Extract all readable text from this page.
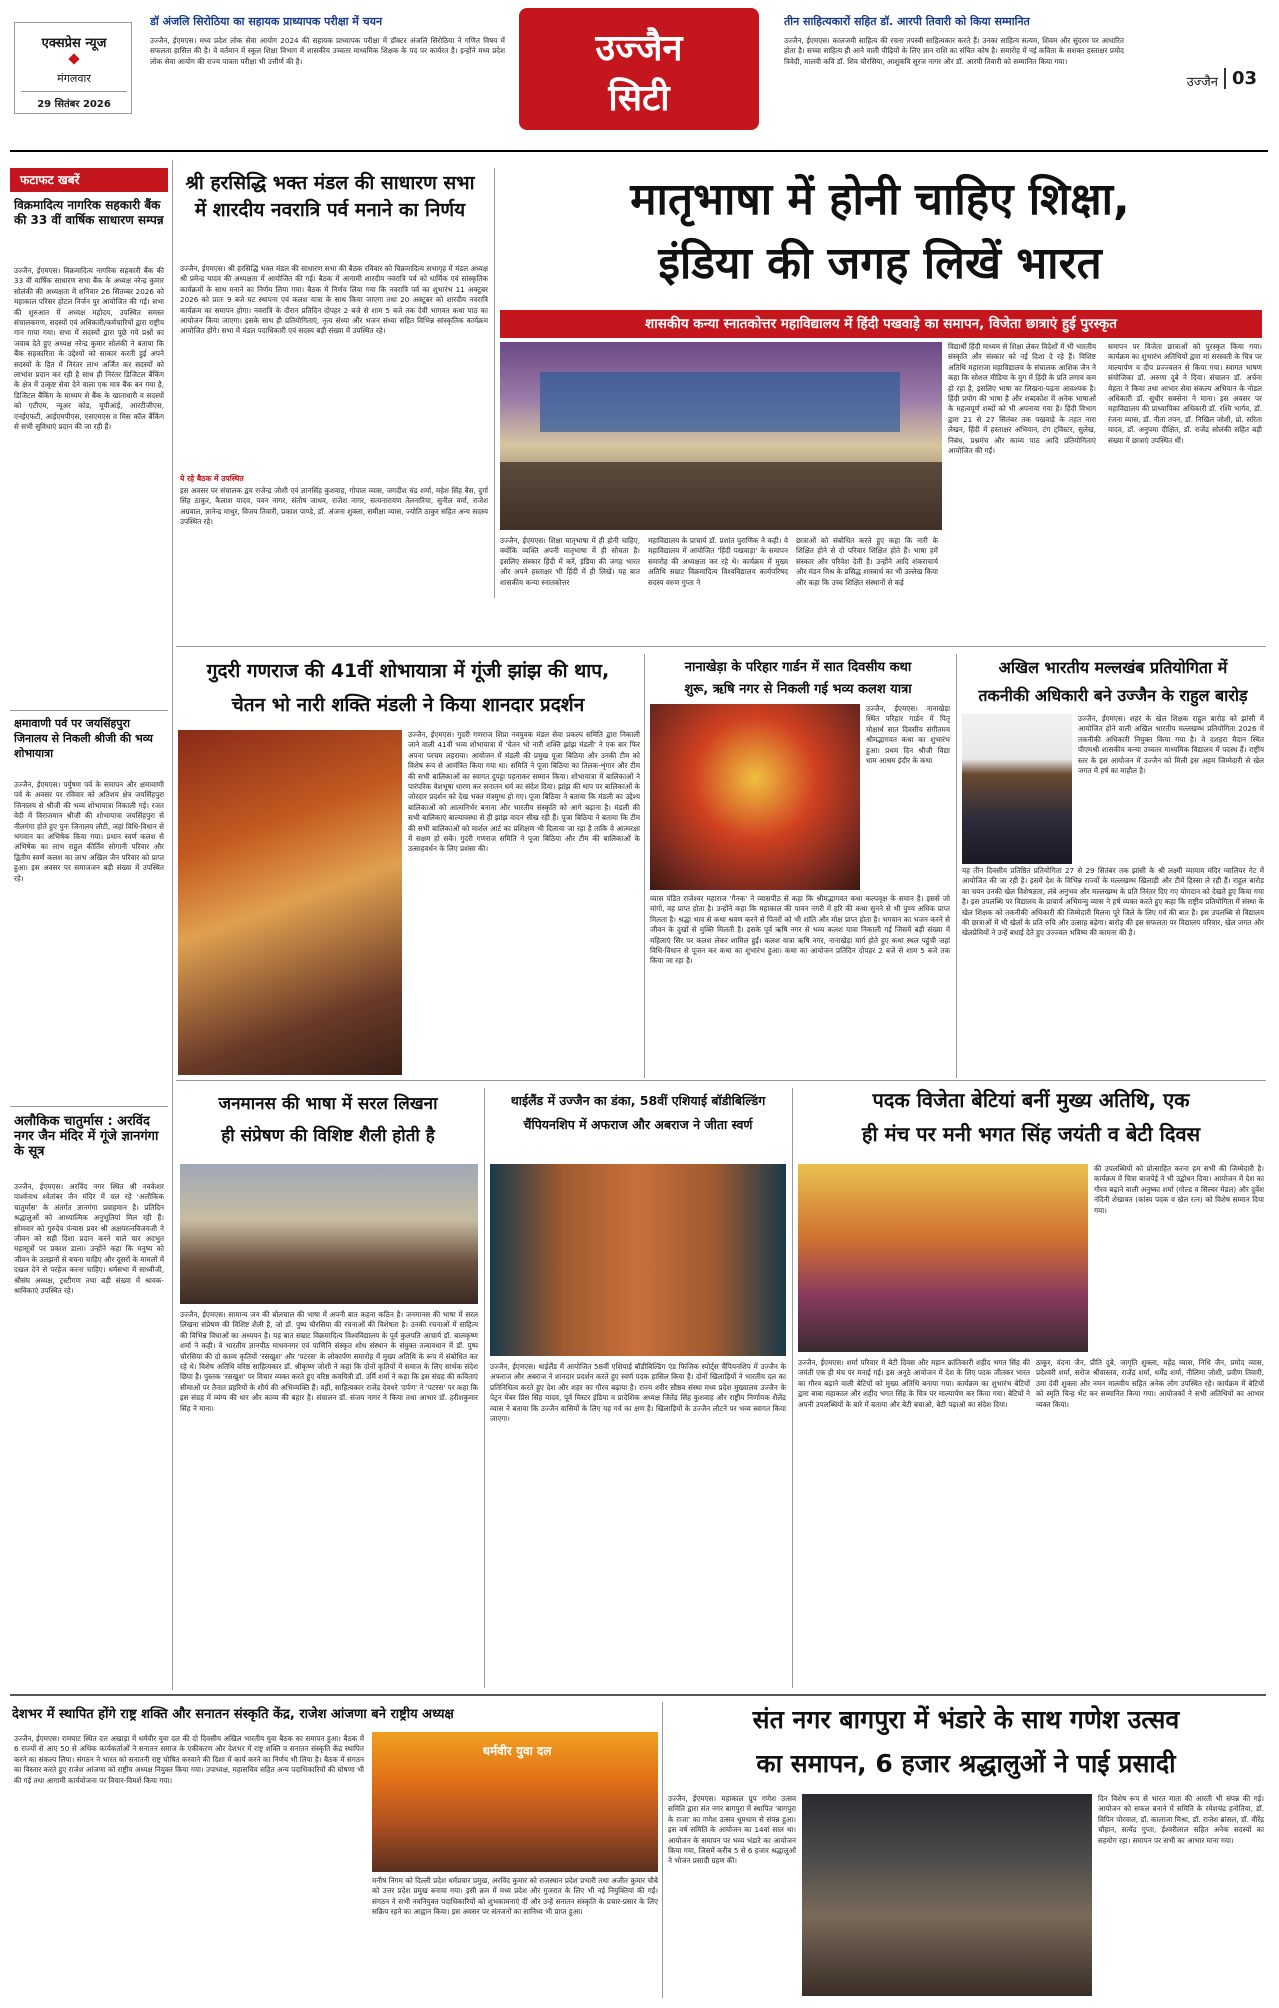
एक्सप्रेस न्यूज
मंगलवार
29 सितंबर 2026
डॉ अंजलि सिरोठिया का सहायक प्राध्यापक परीक्षा में चयन
उज्जैन, ईएमएस। मध्य प्रदेश लोक सेवा आयोग 2024 की सहायक प्राध्यापक परीक्षा में डॉक्टर अंजलि सिरोठिया ने गणित विषय में सफलता हासिल की है। वे वर्तमान में स्कूल शिक्षा विभाग में शासकीय उच्चतर माध्यमिक शिक्षक के पद पर कार्यरत है। इन्होंने मध्य प्रदेश लोक सेवा आयोग की राज्य पात्रता परीक्षा भी उत्तीर्ण की है।	उज्जैन
सिटी
तीन साहित्यकारों सहित डॉ. आरपी तिवारी को किया सम्मानित
उज्जैन, ईएमएस। कालजयी साहित्य की रचना तपस्वी साहित्यकार करते हैं। उनका साहित्य सत्यम, शिवम और सुंदरम पर आधारित होता है। सच्चा साहित्य ही आने वाली पीढ़ियों के लिए ज्ञान राशि का संचित कोष है। समारोह में नई कविता के सशक्त हस्ताक्षर प्रमोद त्रिवेदी, मालवी कवि डॉ. शिव चौरसिया, आशुकवि सूरज नागर और डॉ. आरपी तिवारी को सम्मानित किया गया।
उज्जैन 03
फटाफट खबरें
विक्रमादित्य नागरिक सहकारी बैंक की 33 वीं वार्षिक साधारण सम्पन्न
उज्जैन, ईएमएस। विक्रमादित्य नागरिक सहकारी बैंक की 33 वीं वार्षिक साधारण सभा बैंक के अध्यक्ष नरेन्द्र कुमार सोलंकी की अध्यक्षता में शनिवार 26 सितम्बर 2026 को महाकाल परिसर होटल निर्जन पुर आयोजित की गई। सभा की शुरुआत में अध्यक्ष महोदय, उपस्थित समस्त संचालकगण, सदस्यों एवं अधिकारी/कर्मचारियों द्वारा राष्ट्रीय गान गाया गया। सभा में सदस्यों द्वारा पूछे गये प्रश्नों का जवाब देते हुए अध्यक्ष नरेन्द्र कुमार सोलंकी ने बताया कि बैंक सहकारिता के उद्देश्यों को साकार करती हुई अपने सदस्यों के हित में निरंतर लाभ अर्जित कर सदस्यों को लाभांश प्रदान कर रही है साथ ही निरंतर डिजिटल बैंकिंग के क्षेत्र में उत्कृष्ट सेवा देने वाला एक मात्र बैंक बन गया है, डिजिटल बैंकिंग के माध्यम से बैंक के खाताधारी व सदस्यों को एटीएम, न्यूअर कोड, यूपीआई, आरटीजीएस, एनईएफटी, आईएमपीएस, एसएमएस व मिस कॉल बैंकिंग से सभी सुविधाएं प्रदान की जा रही हैं।
क्षमावाणी पर्व पर जयसिंहपुरा जिनालय से निकली श्रीजी की भव्य शोभायात्रा
उज्जैन, ईएमएस। पर्युषण पर्व के समापन और क्षमावाणी पर्व के अवसर पर रविवार को अतिशय क्षेत्र जयसिंहपुरा जिनालय से श्रीजी की भव्य शोभायात्रा निकाली गई। रजत वेदी में विराजमान श्रीजी की शोभायात्रा जयसिंहपुरा से नीलगंगा होते हुए पुनः जिनालय लौटी, जहां विधि-विधान से भगवान का अभिषेक किया गया। प्रधान स्वर्ण कलश से अभिषेक का लाभ राहुल कीर्तिव सोगानी परिवार और द्वितीय स्वर्ण कलश का लाभ अखिल जैन परिवार को प्राप्त हुआ। इस अवसर पर समाजजन बड़ी संख्या में उपस्थित रहे।
अलौकिक चातुर्मास : अरविंद नगर जैन मंदिर में गूंजे ज्ञानगंगा के सूत्र
उज्जैन, ईएमएस। अरविंद नगर स्थित श्री नवकेशर पार्श्वनाथ श्वेतांबर जैन मंदिर में चल रहे 'अलौकिक चातुर्मास' के अंतर्गत ज्ञानगंगा प्रवाहमान है। प्रतिदिन श्रद्धालुओं को आध्यात्मिक अनुभूतियां मिल रही हैं। सोमवार को गुरुदेव पंन्यास प्रवर श्री अक्षयरत्नविजयजी ने जीवन को सही दिशा प्रदान करने वाले चार अदभुत महासूत्रों पर प्रकाश डाला। उन्होंने कहा कि मनुष्य को जीवन के उलझनों से बचना चाहिए और दूसरों के मामलों में दखल देने से परहेज करना चाहिए। धर्मसभा में साध्वीजी, श्रीसंघ अध्यक्ष, ट्रस्टीगण तथा बड़ी संख्या में श्रावक-श्राविकाएं उपस्थित रहे।
श्री हरसिद्धि भक्त मंडल की साधारण सभा में शारदीय नवरात्रि पर्व मनाने का निर्णय
उज्जैन, ईएमएस। श्री हरसिद्धि भक्त मंडल की साधारण सभा की बैठक रविवार को विक्रमादित्य सभागृह में मंडल अध्यक्ष श्री प्रमेन्द्र यादव की अध्यक्षता में आयोजित की गई। बैठक में आगामी शारदीय नवरात्रि पर्व को धार्मिक एवं सांस्कृतिक कार्यक्रमों के साथ मनाने का निर्णय लिया गया। बैठक में निर्णय लिया गया कि नवरात्रि पर्व का शुभारंभ 11 अक्टूबर 2026 को प्रातः 9 बजे घट स्थापना एवं कलश यात्रा के साथ किया जाएगा तथा 20 अक्टूबर को शारदीय नवरात्रि कार्यक्रम का समापन होगा। नवरात्रि के दौरान प्रतिदिन दोपहर 2 बजे से शाम 5 बजे तक देवी भागवत कथा पाठ का आयोजन किया जाएगा। इसके साथ ही प्रतियोगिताएं, नृत्य संध्या और भजन संध्या सहित विभिन्न सांस्कृतिक कार्यक्रम आयोजित होंगे। सभा में मंडल पदाधिकारी एवं सदस्य बड़ी संख्या में उपस्थित रहे।
ये रहे बैठक में उपस्थित
इस अवसर पर संचालक द्वय राजेन्द्र जोशी एवं ज्ञानसिंह कुशवाह, गोपाल व्यास, जगदीश चंद्र शर्मा, महेश सिंह बैस, दुर्गा सिंह ठाकुर, कैलाश यादव, पवन नागर, संतोष जाधव, राजेश नागर, सत्यनारायण तेलनारिया, सुनील वर्मा, राजेश अग्रवाल, ज्ञानेन्द्र माथुर, विजय तिवारी, प्रकाश पाण्डे, डॉ. अंजना शुक्ला, समीक्षा व्यास, ज्योति ठाकुर सहित अन्य सदस्य उपस्थित रहे।
मातृभाषा में होनी चाहिए शिक्षा,
इंडिया की जगह लिखें भारत
शासकीय कन्या स्नातकोत्तर महाविद्यालय में हिंदी पखवाड़े का समापन, विजेता छात्राएं हुई पुरस्कृत
विद्यार्थी हिंदी माध्यम से शिक्षा लेकर विदेशों में भी भारतीय संस्कृति और संस्कार को नई दिशा दे रहे हैं। विशिष्ट अतिथि महाराजा महाविद्यालय के संचालक आशिक जैन ने कहा कि सोशल मीडिया के युग में हिंदी के प्रति लगाव कम हो रहा है, इसलिए भाषा का लिखना-पढ़ना आवश्यक है। हिंदी प्रयोग की भाषा है और शब्दकोश में अनेक भाषाओं के महत्वपूर्ण शब्दों को भी अपनाया गया है। हिंदी विभाग द्वारा 21 से 27 सितंबर तक पखवाड़े के तहत नारा लेखन, हिंदी में हस्ताक्षर अभियान, टंग ट्विस्टर, सुलेख, निबंध, प्रश्नमंच और काव्य पाठ आदि प्रतियोगिताएं आयोजित की गईं।
समापन पर विजेता छात्राओं को पुरस्कृत किया गया। कार्यक्रम का शुभारंभ अतिथियों द्वारा मां सरस्वती के चित्र पर माल्यार्पण व दीप प्रज्ज्वलन से किया गया। स्वागत भाषण संयोजिका डॉ. अरुणा दुबे ने दिया। संचालन डॉ. अर्चना मेहता ने किया तथा आभार सेवा संकल्प अभियान के नोडल अधिकारी डॉ. सुधीर सक्सेना ने माना। इस अवसर पर महाविद्यालय की प्राध्यापिका अधिकारी डॉ. रश्मि भार्गव, डॉ. रंजना व्यास, डॉ. नीता तपन, डॉ. निखिल जोशी, प्रो. सरिता यादव, डॉ. अनुपमा दीक्षित, डॉ. राजेंद्र सोलंकी सहित बड़ी संख्या में छात्राएं उपस्थित थीं।
उज्जैन, ईएमएस। शिक्षा मातृभाषा में ही होनी चाहिए, क्योंकि व्यक्ति अपनी मातृभाषा में ही सोचता है। इसलिए संस्कार हिंदी में करें, इंडिया की जगह भारत और अपने हस्ताक्षर भी हिंदी में ही लिखें। यह बात शासकीय कन्या स्नातकोत्तर
महाविद्यालय के प्राचार्य डॉ. प्रशांत पुराणिक ने कही। वे महाविद्यालय में आयोजित 'हिंदी पखवाड़ा' के समापन समारोह की अध्यक्षता कर रहे थे। कार्यक्रम में मुख्य अतिथि सम्राट विक्रमादित्य विश्वविद्यालय कार्यपरिषद सदस्य वरुण गुप्ता ने
छात्राओं को संबोधित करते हुए कहा कि नारी के शिक्षित होने से दो परिवार शिक्षित होते हैं। भाषा हमें संस्कार और परिवेश देती है। उन्होंने आदि शंकराचार्य और मंडन मिश्र के प्रसिद्ध शास्त्रार्थ का भी उल्लेख किया और कहा कि उच्च शिक्षित संस्थानों से कई
गुदरी गणराज की 41वीं शोभायात्रा में गूंजी झांझ की थाप,
चेतन भो नारी शक्ति मंडली ने किया शानदार प्रदर्शन
उज्जैन, ईएमएस। गुदरी गणराज शिप्रा नवयुवक मंडल सेवा प्रकल्प समिति द्वारा निकाली जाने वाली 41वीं भव्य शोभायात्रा में 'चेतन भो नारी शक्ति झांझ मंडली' ने एक बार फिर अपना परचम लहराया। आयोजन में मंडली की प्रमुख पूजा बिठिया और उनकी टीम को विशेष रूप से आमंत्रित किया गया था। समिति ने पूजा बिठिया का तिलक-शृंगार और टीम की सभी बालिकाओं का स्वागत दुपट्टा पहनाकर सम्मान किया। शोभायात्रा में बालिकाओं ने पारंपरिक वेशभूषा धारण कर सनातन धर्म का संदेश दिया। झांझ की थाप पर बालिकाओं के जोरदार प्रदर्शन को देख भक्त मंत्रमुग्ध हो गए। पूजा बिठिया ने बताया कि मंडली का उद्देश्य बालिकाओं को आत्मनिर्भर बनाना और भारतीय संस्कृति को आगे बढ़ाना है। मंडली की सभी बालिकाएं बाल्यावस्था से ही झांझ वादन सीख रही हैं। पूजा बिठिया ने बताया कि टीम की सभी बालिकाओं को मार्शल आर्ट का प्रशिक्षण भी दिलाया जा रहा है ताकि वे आत्मरक्षा में सक्षम हो सकें। गुदरी गणराज समिति ने पूजा बिठिया और टीम की बालिकाओं के उत्साहवर्धन के लिए प्रशंसा की।
नानाखेड़ा के परिहार गार्डन में सात दिवसीय कथा
शुरू, ऋषि नगर से निकली गई भव्य कलश यात्रा
उज्जैन, ईएमएस। नानाखेड़ा स्थित परिहार गार्डन में पितृ मोक्षार्थ सात दिवसीय संगीतमय श्रीमद्भागवत कथा का शुभारंभ हुआ। प्रथम दिन श्रीजी विद्या धाम आश्रम इंदौर के कथा
व्यास पंडित राजेश्वर महाराज 'गैनक' ने व्यासपीठ से कहा कि श्रीमद्भागवत कथा कल्पवृक्ष के समान है। इससे जो मांगो, वह प्राप्त होता है। उन्होंने कहा कि महाकाल की पावन नगरी में हरि की कथा सुनने से भी पुण्य अधिक प्राप्त मिलता है। श्रद्धा भाव से कथा श्रवण करने से पितरों को भी शांति और मोक्ष प्राप्त होता है। भगवान का भजन करने से जीवन के दुखों से मुक्ति मिलती है। इसके पूर्व ऋषि नगर से भव्य कलश यात्रा निकाली गई जिसमें बड़ी संख्या में महिलाएं सिर पर कलश लेकर शामिल हुईं। कलश यात्रा ऋषि नगर, नानाखेड़ा मार्ग होते हुए कथा स्थल पहुंची जहां विधि-विधान से पूजन कर कथा का शुभारंभ हुआ। कथा का आयोजन प्रतिदिन दोपहर 2 बजे से शाम 5 बजे तक किया जा रहा है।
अखिल भारतीय मल्लखंब प्रतियोगिता में
तकनीकी अधिकारी बने उज्जैन के राहुल बारोड़
उज्जैन, ईएमएस। शहर के खेल शिक्षक राहुल बारोड़ को झांसी में आयोजित होने वाली अखिल भारतीय मल्लखम्भ प्रतियोगिता 2026 में तकनीकी अधिकारी नियुक्त किया गया है। वे दशहरा मैदान स्थित पीएमश्री शासकीय कन्या उच्चतर माध्यमिक विद्यालय में पदस्थ हैं। राष्ट्रीय स्तर के इस आयोजन में उज्जैन को मिली इस अहम जिम्मेदारी से खेल जगत में हर्ष का माहौल है।
यह तीन दिवसीय प्रतिष्ठित प्रतियोगिता 27 से 29 सितंबर तक झांसी के श्री लक्ष्मी व्यायाम मंदिर ग्वालियर गेट में आयोजित की जा रही है। इसमें देश के विभिन्न राज्यों के मल्लखम्भ खिलाड़ी और टीमें हिस्सा ले रही हैं। राहुल बारोड़ का चयन उनकी खेल विशेषज्ञता, लंबे अनुभव और मल्लखम्भ के प्रति निरंतर दिए गए योगदान को देखते हुए किया गया है। इस उपलब्धि पर विद्यालय के प्राचार्य अभिमन्यु व्यास ने हर्ष व्यक्त करते हुए कहा कि राष्ट्रीय प्रतियोगिता में संस्था के खेल शिक्षक को तकनीकी अधिकारी की जिम्मेदारी मिलना पूरे जिले के लिए गर्व की बात है। इस उपलब्धि से विद्यालय की छात्राओं में भी खेलों के प्रति रुचि और उत्साह बढ़ेगा। बारोड़ की इस सफलता पर विद्यालय परिवार, खेल जगत और खेलप्रेमियों ने उन्हें बधाई देते हुए उज्ज्वल भविष्य की कामना की है।
जनमानस की भाषा में सरल लिखना
ही संप्रेषण की विशिष्ट शैली होती है
उज्जैन, ईएमएस। सामान्य जन की बोलचाल की भाषा में अपनी बात कहना कठिन है। जनमानस की भाषा में सरल लिखना संप्रेषण की विशिष्ट शैली है, जो डॉ. पुष्प चौरसिया की रचनाओं की विशेषता है। उनकी रचनाओं में साहित्य की विभिन्न विधाओं का अध्ययन है। यह बात सम्राट विक्रमादित्य विश्वविद्यालय के पूर्व कुलपति आचार्य डॉ. बालकृष्ण शर्मा ने कही। वे भारतीय ज्ञानपीठ माधवनगर एवं पाणिनि संस्कृत शोध संस्थान के संयुक्त तत्वावधान में डॉ. पुष्प चौरसिया की दो काव्य कृतियों 'रसखुश' और 'पटरस' के लोकार्पण समारोह में मुख्य अतिथि के रूप में संबोधित कर रहे थे। विशेष अतिथि वरिष्ठ साहित्यकार डॉ. श्रीकृष्ण जोशी ने कहा कि दोनों कृतियों में समाज के लिए सार्थक संदेश छिपा है। पुस्तक 'रसखुश' पर विचार व्यक्त करते हुए वरिष्ठ कवयित्री डॉ. उर्मि शर्मा ने कहा कि इस संग्रह की कविताएं सीमाओं पर तैनात प्रहरियों के शौर्य की अभिव्यक्ति हैं। वहीं, साहित्यकार राजेंद्र देवधरे 'दर्पण' ने 'पटरस' पर कहा कि इस संग्रह में व्यंग्य की धार और काव्य की बहार है। संचालन डॉ. संजय नागर ने किया तथा आभार डॉ. हरीशकुमार सिंह ने माना।
थाईलैंड में उज्जैन का डंका, 58वीं एशियाई बॉडीबिल्डिंग
चैंपियनशिप में अफराज और अबराज ने जीता स्वर्ण
उज्जैन, ईएमएस। थाईलैंड में आयोजित 58वीं एशियाई बॉडीबिल्डिंग एंड फिजिक स्पोर्ट्स चैंपियनशिप में उज्जैन के अफराज और अबराज ने शानदार प्रदर्शन करते हुए स्वर्ण पदक हासिल किया है। दोनों खिलाड़ियों ने भारतीय दल का प्रतिनिधित्व करते हुए देश और शहर का गौरव बढ़ाया है। राज्य शरीर सौष्ठव संस्था मध्य प्रदेश मुख्यालय उज्जैन के पेट्रन मेंबर प्रिंस सिंह यादव, पूर्व मिस्टर इंडिया व प्रादेशिक अध्यक्ष जितेंद्र सिंह कुशवाह और राष्ट्रीय निर्णायक शैलेंद्र व्यास ने बताया कि उज्जैन वासियों के लिए यह गर्व का क्षण है। खिलाड़ियों के उज्जैन लौटने पर भव्य स्वागत किया जाएगा।
पदक विजेता बेटियां बनीं मुख्य अतिथि, एक
ही मंच पर मनी भगत सिंह जयंती व बेटी दिवस
की उपलब्धियों को प्रोत्साहित करना हम सभी की जिम्मेदारी है। कार्यक्रम में चित्रा बाजपेई ने भी उद्बोधन दिया। आयोजन में देश का गौरव बढ़ाने वाली अनुष्का शर्मा (गोल्ड व सिल्वर मेडल) और दुर्वेश नंदिनी शेखावत (कांस्य पदक व खेल रत्न) को विशेष सम्मान दिया गया।
उज्जैन, ईएमएस। शर्मा परिवार में बेटी दिवस और महान क्रांतिकारी शहीद भगत सिंह की जयंती एक ही मंच पर मनाई गई। इस अनूठे आयोजन में देश के लिए पदक जीतकर भारत का गौरव बढ़ाने वाली बेटियों को मुख्य अतिथि बनाया गया। कार्यक्रम का शुभारंभ बेटियों द्वारा बाबा महाकाल और शहीद भगत सिंह के चित्र पर माल्यार्पण कर किया गया। बेटियों ने अपनी उपलब्धियों के बारे में बताया और बेटी बचाओ, बेटी पढ़ाओ का संदेश दिया।
ठाकुर, वंदना जैन, प्रीति दुबे, जागृति शुक्ला, महेंद्र व्यास, निधि जैन, प्रमोद व्यास, प्रदेश्वरी शर्मा, सरोज श्रीवास्तव, राजेंद्र शर्मा, धर्मेंद्र शर्मा, नीलिमा जोशी, प्रवीण तिवारी, उमा देवी शुक्ला और नमन मालवीय सहित अनेक लोग उपस्थित रहे। कार्यक्रम में बेटियों को स्मृति चिन्ह भेंट कर सम्मानित किया गया। आयोजकों ने सभी अतिथियों का आभार व्यक्त किया।
देशभर में स्थापित होंगे राष्ट्र शक्ति और सनातन संस्कृति केंद्र, राजेश आंजणा बने राष्ट्रीय अध्यक्ष
उज्जैन, ईएमएस। रामघाट स्थित दत्त अखाड़ा में धर्मवीर युवा दल की दो दिवसीय अखिल भारतीय युवा बैठक का समापन हुआ। बैठक में 6 राज्यों से आए 50 से अधिक कार्यकर्ताओं ने सनातन समाज के एकीकरण और देशभर में राष्ट्र शक्ति व सनातन संस्कृति केंद्र स्थापित करने का संकल्प लिया। संगठन ने भारत को सनातनी राष्ट्र घोषित करवाने की दिशा में कार्य करने का निर्णय भी लिया है। बैठक में संगठन का विस्तार करते हुए राजेश आंजणा को राष्ट्रीय अध्यक्ष नियुक्त किया गया। उपाध्यक्ष, महासचिव सहित अन्य पदाधिकारियों की घोषणा भी की गई तथा आगामी कार्ययोजना पर विचार-विमर्श किया गया।
धर्मवीर युवा दल
मनीष निगम को दिल्ली प्रदेश धर्मप्रचार प्रमुख, अरविंद कुमार को राजस्थान प्रदेश प्रभारी तथा अजीत कुमार चौबे को उत्तर प्रदेश प्रमुख बनाया गया। इसी क्रम में मध्य प्रदेश और गुजरात के लिए भी नई नियुक्तियां की गईं। संगठन ने सभी नवनियुक्त पदाधिकारियों को शुभकामनाएं दीं और उन्हें सनातन संस्कृति के प्रचार-प्रसार के लिए सक्रिय रहने का आह्वान किया। इस अवसर पर संतजनों का सानिध्य भी प्राप्त हुआ।
संत नगर बागपुरा में भंडारे के साथ गणेश उत्सव
का समापन, 6 हजार श्रद्धालुओं ने पाई प्रसादी
उज्जैन, ईएमएस। महाकाल ग्रुप गणेश उत्सव समिति द्वारा संत नगर बागपुरा में स्थापित 'बागपुरा के राजा' का गणेश उत्सव धूमधाम से संपन्न हुआ। इस वर्ष समिति के आयोजन का 14वां साल था। आयोजन के समापन पर भव्य भंडारे का आयोजन किया गया, जिसमें करीब 5 से 6 हजार श्रद्धालुओं ने भोजन प्रसादी ग्रहण की।
दिन विशेष रूप से भारत माता की आरती भी संपन्न की गई। आयोजन को सफल बनाने में समिति के रमेशचंद्र हनोतिया, डॉ. विपिन पोरवाल, डॉ. कालाजा मिश्रा, डॉ. राजेश ब्रांसल, डॉ. वीरेंद्र चौहान, सत्येंद्र गुप्ता, ईश्वरीलाल सहित अनेक सदस्यों का सहयोग रहा। समापन पर सभी का आभार माना गया।
